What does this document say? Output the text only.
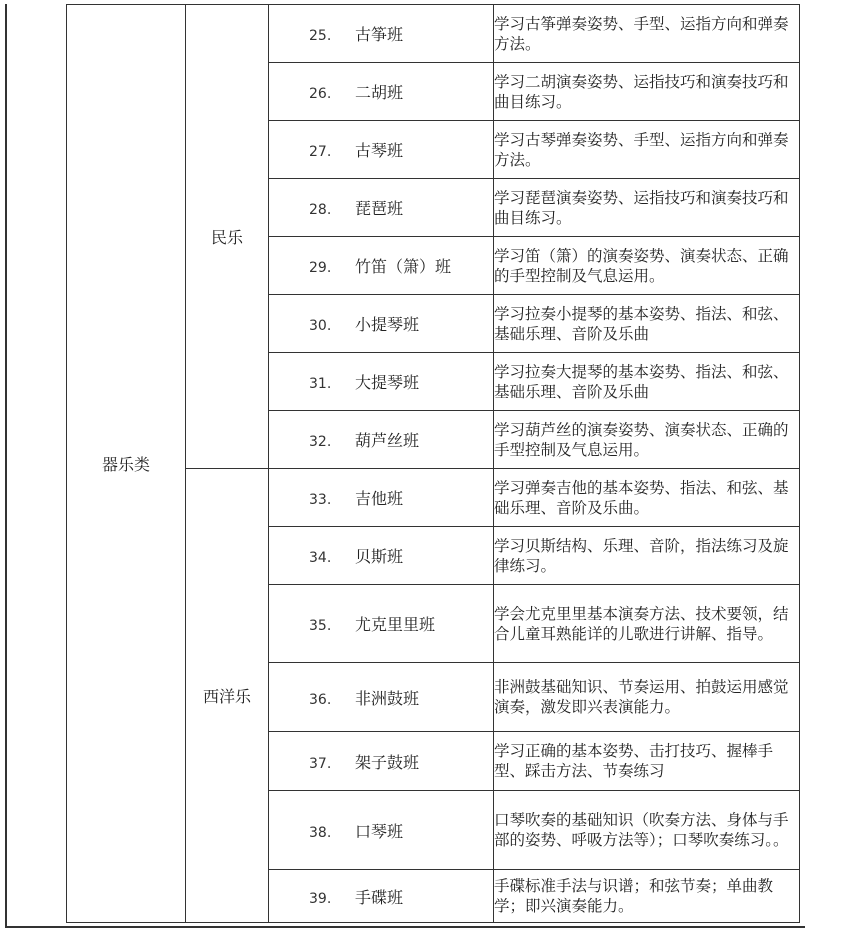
器乐类	民乐	25. 古筝班	学习古筝弹奏姿势、手型、运指方向和弹奏方法。
		26. 二胡班	学习二胡演奏姿势、运指技巧和演奏技巧和曲目练习。
		27. 古琴班	学习古琴弹奏姿势、手型、运指方向和弹奏方法。
		28. 琵琶班	学习琵琶演奏姿势、运指技巧和演奏技巧和曲目练习。
		29. 竹笛（箫）班	学习笛（箫）的演奏姿势、演奏状态、正确的手型控制及气息运用。
		30. 小提琴班	学习拉奏小提琴的基本姿势、指法、和弦、基础乐理、音阶及乐曲
		31. 大提琴班	学习拉奏大提琴的基本姿势、指法、和弦、基础乐理、音阶及乐曲
		32. 葫芦丝班	学习葫芦丝的演奏姿势、演奏状态、正确的手型控制及气息运用。
	西洋乐	33. 吉他班	学习弹奏吉他的基本姿势、指法、和弦、基础乐理、音阶及乐曲。
		34. 贝斯班	学习贝斯结构、乐理、音阶，指法练习及旋律练习。
		35. 尤克里里班	学会尤克里里基本演奏方法、技术要领，结合儿童耳熟能详的儿歌进行讲解、指导。
		36. 非洲鼓班	非洲鼓基础知识、节奏运用、拍鼓运用感觉演奏，激发即兴表演能力。
		37. 架子鼓班	学习正确的基本姿势、击打技巧、握棒手型、踩击方法、节奏练习
		38. 口琴班	口琴吹奏的基础知识（吹奏方法、身体与手部的姿势、呼吸方法等）；口琴吹奏练习。。
		39. 手碟班	手碟标准手法与识谱；和弦节奏；单曲教学；即兴演奏能力。
